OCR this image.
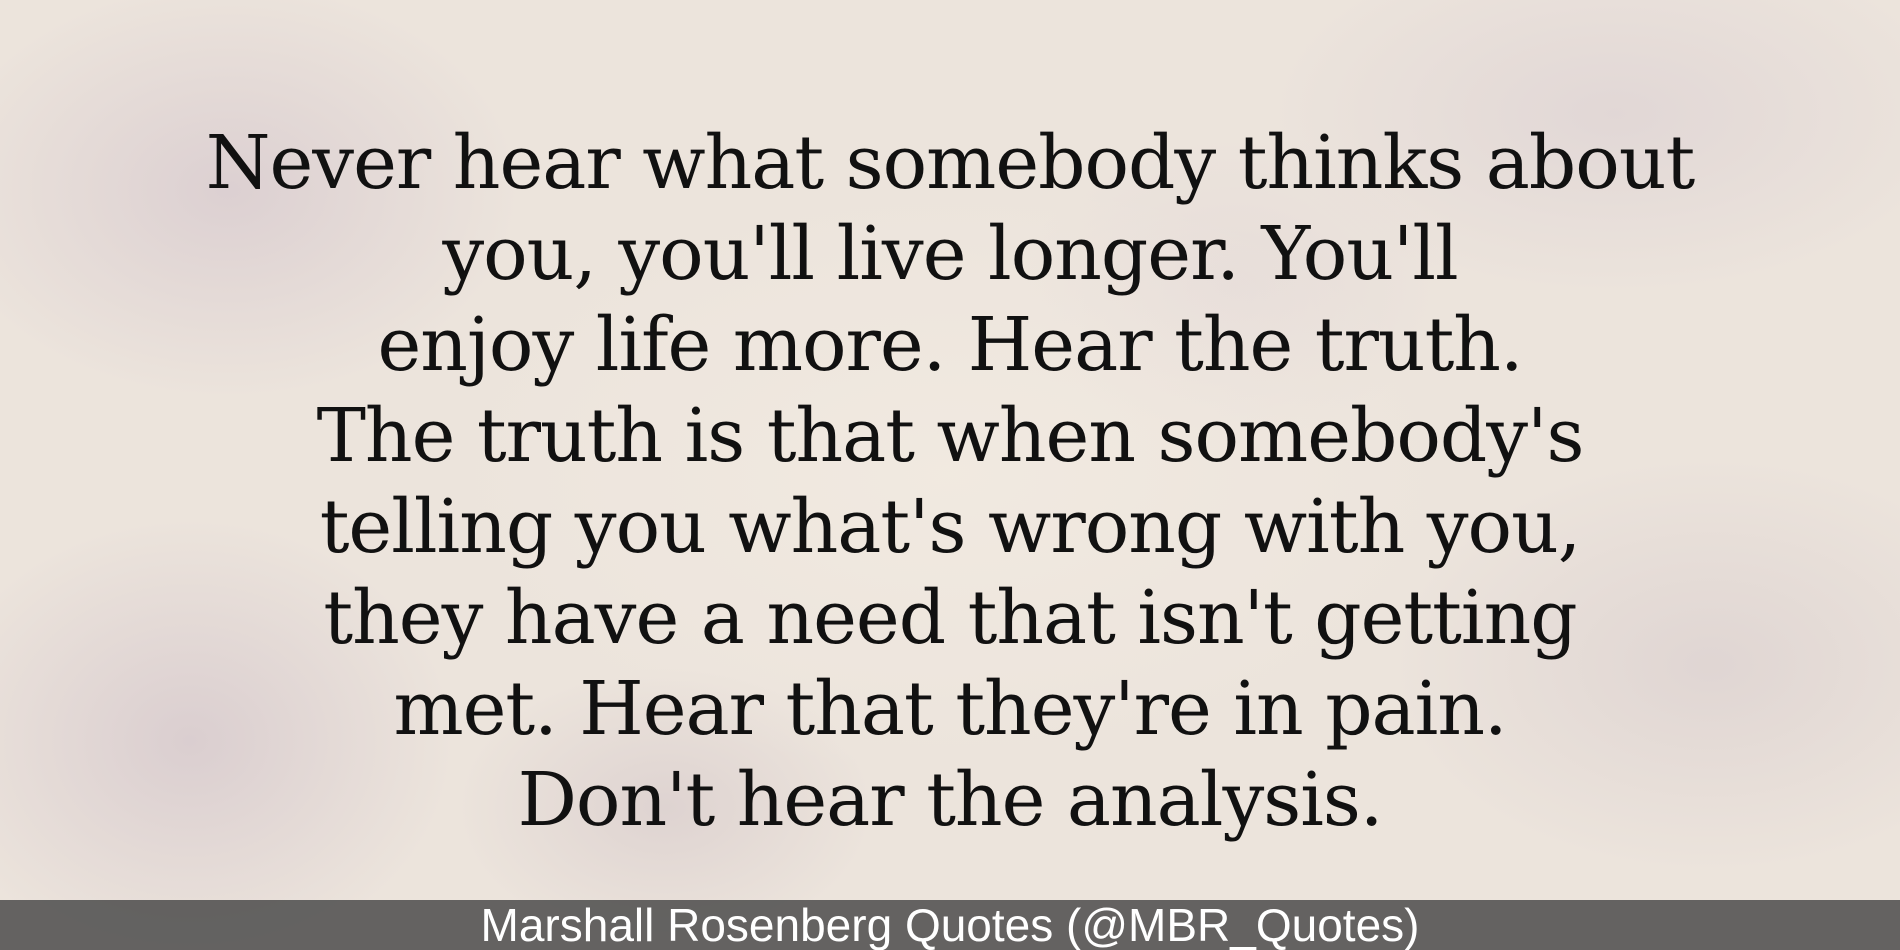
Never hear what somebody thinks about
you, you'll live longer. You'll
enjoy life more. Hear the truth.
The truth is that when somebody's
telling you what's wrong with you,
they have a need that isn't getting
met. Hear that they're in pain.
Don't hear the analysis.
Marshall Rosenberg Quotes (@MBR_Quotes)
